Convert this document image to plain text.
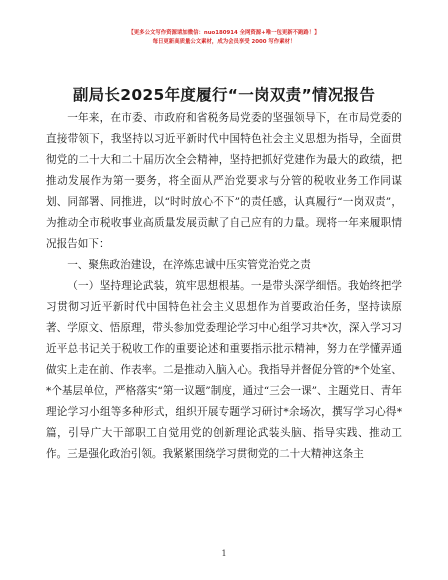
【更多公文写作资源请加微信：nuo180914 全网资源+唯一包更新不跑路！】
每日更新高质量公文素材，成为会员享受 2000 写作素材！
副局长2025年度履行“一岗双责”情况报告

一年来，在市委、市政府和省税务局党委的坚强领导下，在市局党委的直接带领下，我坚持以习近平新时代中国特色社会主义思想为指导，全面贯彻党的二十大和二十届历次全会精神，坚持把抓好党建作为最大的政绩，把推动发展作为第一要务，将全面从严治党要求与分管的税收业务工作同谋划、同部署、同推进，以“时时放心不下”的责任感，认真履行“一岗双责”，为推动全市税收事业高质量发展贡献了自己应有的力量。现将一年来履职情况报告如下：

一、聚焦政治建设，在淬炼忠诚中压实管党治党之责

（一）坚持理论武装，筑牢思想根基。一是带头深学细悟。我始终把学习贯彻习近平新时代中国特色社会主义思想作为首要政治任务，坚持读原著、学原文、悟原理，带头参加党委理论学习中心组学习共*次，深入学习习近平总书记关于税收工作的重要论述和重要指示批示精神，努力在学懂弄通做实上走在前、作表率。二是推动入脑入心。我指导并督促分管的*个处室、*个基层单位，严格落实“第一议题”制度，通过“三会一课”、主题党日、青年理论学习小组等多种形式，组织开展专题学习研讨*余场次，撰写学习心得*篇，引导广大干部职工自觉用党的创新理论武装头脑、指导实践、推动工作。三是强化政治引领。我紧紧围绕学习贯彻党的二十大精神这条主

1
